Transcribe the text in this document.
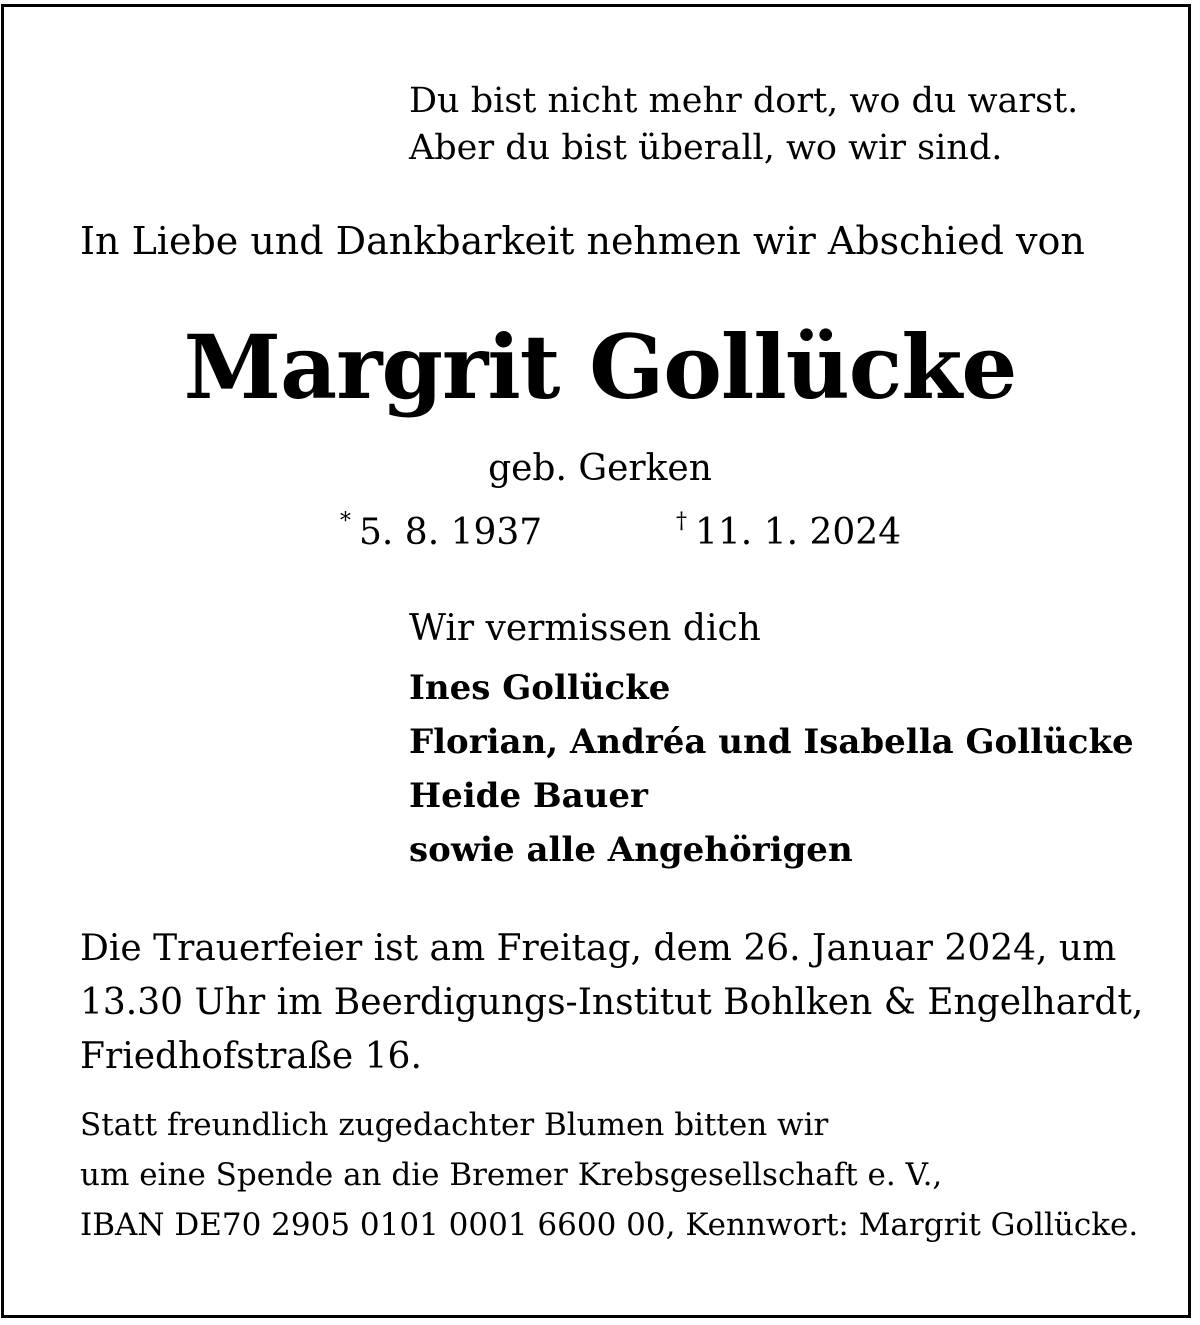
Du bist nicht mehr dort, wo du warst.
Aber du bist überall, wo wir sind.
In Liebe und Dankbarkeit nehmen wir Abschied von
Margrit Gollücke
geb. Gerken
* 5. 8. 1937	† 11. 1. 2024
Wir vermissen dich
Ines Gollücke
Florian, Andréa und Isabella Gollücke
Heide Bauer
sowie alle Angehörigen
Die Trauerfeier ist am Freitag, dem 26. Januar 2024, um
13.30 Uhr im Beerdigungs-Institut Bohlken & Engelhardt,
Friedhofstraße 16.
Statt freundlich zugedachter Blumen bitten wir
um eine Spende an die Bremer Krebsgesellschaft e. V.,
IBAN DE70 2905 0101 0001 6600 00, Kennwort: Margrit Gollücke.
